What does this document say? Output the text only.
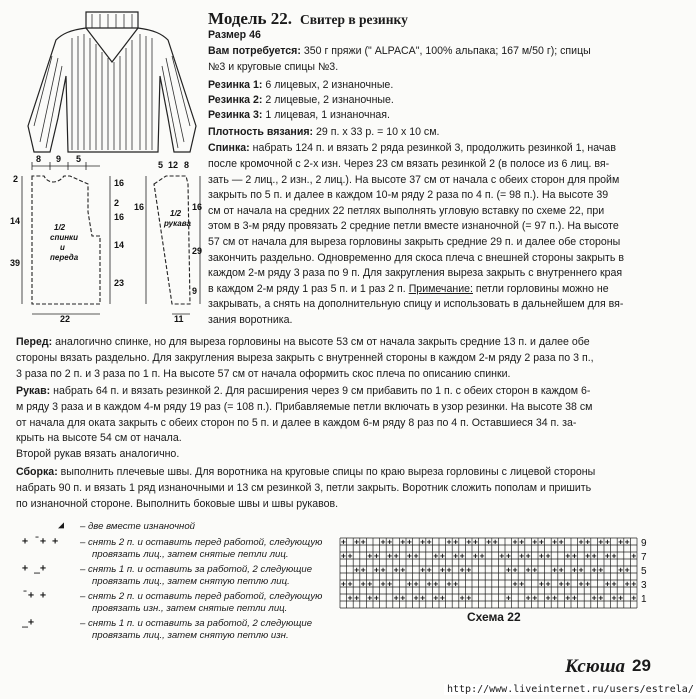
8 9 5
2
14
39
16
2
16
14
23
5 12 8
16	16
29
9
22	11
1/2
спинки
и
переда
1/2
рукава
Модель 22. Свитер в резинку
Размер 46
Вам потребуется: 350 г пряжи (" ALPACA", 100% альпака; 167 м/50 г); спицы
№3 и круговые спицы №3.
Резинка 1: 6 лицевых, 2 изнаночные.
Резинка 2: 2 лицевые, 2 изнаночные.
Резинка 3: 1 лицевая, 1 изнаночная.
Плотность вязания: 29 п. х 33 р. = 10 х 10 см.
Спинка: набрать 124 п. и вязать 2 ряда резинкой 3, продолжить резинкой 1, начав
после кромочной с 2-х изн. Через 23 см вязать резинкой 2 (в полосе из 6 лиц. вя-
зать — 2 лиц., 2 изн., 2 лиц.). На высоте 37 см от начала с обеих сторон для пройм
закрыть по 5 п. и далее в каждом 10-м ряду 2 раза по 4 п. (= 98 п.). На высоте 39
см от начала на средних 22 петлях выполнять угловую вставку по схеме 22, при
этом в 3-м ряду провязать 2 средние петли вместе изнаночной (= 97 п.). На высоте
57 см от начала для выреза горловины закрыть средние 29 п. и далее обе стороны
закончить раздельно. Одновременно для скоса плеча с внешней стороны закрыть в
каждом 2-м ряду 3 раза по 9 п. Для закругления выреза закрыть с внутреннего края
в каждом 2-м ряду 1 раз 5 п. и 1 раз 2 п. Примечание: петли горловины можно не
закрывать, а снять на дополнительную спицу и использовать в дальнейшем для вя-
зания воротника.
Перед: аналогично спинке, но для выреза горловины на высоте 53 см от начала закрыть средние 13 п. и далее обе
стороны вязать раздельно. Для закругления выреза закрыть с внутренней стороны в каждом 2-м ряду 2 раза по 3 п.,
3 раза по 2 п. и 3 раза по 1 п. На высоте 57 см от начала оформить скос плеча по описанию спинки.
Рукав: набрать 64 п. и вязать резинкой 2. Для расширения через 9 см прибавить по 1 п. с обеих сторон в каждом 6-
м ряду 3 раза и в каждом 4-м ряду 19 раз (= 108 п.). Прибавляемые петли включать в узор резинки. На высоте 38 см
от начала для оката закрыть с обеих сторон по 5 п. и далее в каждом 6-м ряду 8 раз по 4 п. Оставшиеся 34 п. за-
крыть на высоте 54 см от начала.
Второй рукав вязать аналогично.
Сборка: выполнить плечевые швы. Для воротника на круговые спицы по краю выреза горловины с лицевой стороны
набрать 90 п. и вязать 1 ряд изнаночными и 13 см резинкой 3, петли закрыть. Воротник сложить пополам и пришить
по изнаночной стороне. Выполнить боковые швы и швы рукавов.
◢ – две вместе изнаночной
+ ¯+ + – снять 2 п. и оставить перед работой, следующую
провязать лиц., затем снятые петли лиц.
+ _+	– снять 1 п. и оставить за работой, 2 следующие
провязать лиц., затем снятую петлю лиц.
¯+ +	– снять 2 п. и оставить перед работой, следующую
провязать изн., затем снятые петли лиц.
_+	– снять 1 п. и оставить за работой, 2 следующие
провязать лиц., затем снятую петлю изн.
+ + + + + + + + + + + + + + + + + + + + + + + + + + +
+ + + + + + + + + + + + + + + + + + + + + + + + + + +
+ + + + + + + + + + + +	+ + + + + + + + + + + +
+ + + + + + + + + + + +	+ + + + + + + + + + + +
+ + + + + + + + + + + +	+ + + + + + + + + + + +
9
7
5
3
1
Схема 22
Ксюша 29
http://www.liveinternet.ru/users/estrela/
